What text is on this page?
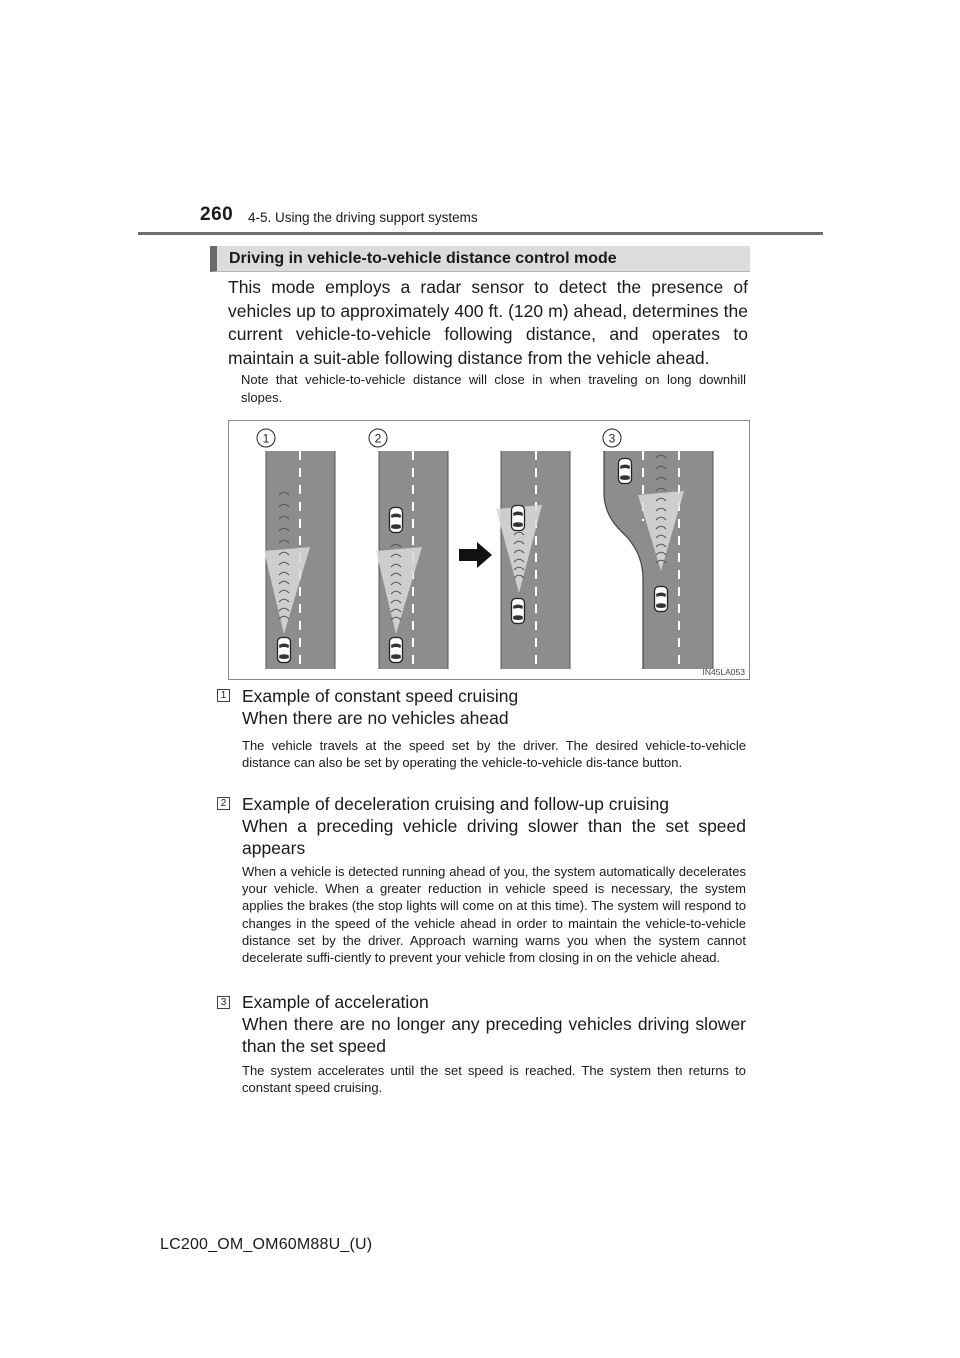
260 4-5. Using the driving support systems
Driving in vehicle-to-vehicle distance control mode
This mode employs a radar sensor to detect the presence of vehicles up to approximately 400 ft. (120 m) ahead, determines the current vehicle-to-vehicle following distance, and operates to maintain a suit-able following distance from the vehicle ahead.
Note that vehicle-to-vehicle distance will close in when traveling on long downhill slopes.
1	2	3
IN45LA053
1 Example of constant speed cruising
When there are no vehicles ahead
The vehicle travels at the speed set by the driver. The desired vehicle-to-vehicle distance can also be set by operating the vehicle-to-vehicle dis-tance button.
2 Example of deceleration cruising and follow-up cruising
When a preceding vehicle driving slower than the set speed appears
When a vehicle is detected running ahead of you, the system automatically decelerates your vehicle. When a greater reduction in vehicle speed is necessary, the system applies the brakes (the stop lights will come on at this time). The system will respond to changes in the speed of the vehicle ahead in order to maintain the vehicle-to-vehicle distance set by the driver. Approach warning warns you when the system cannot decelerate suffi-ciently to prevent your vehicle from closing in on the vehicle ahead.
3 Example of acceleration
When there are no longer any preceding vehicles driving slower than the set speed
The system accelerates until the set speed is reached. The system then returns to constant speed cruising.
LC200_OM_OM60M88U_(U)
